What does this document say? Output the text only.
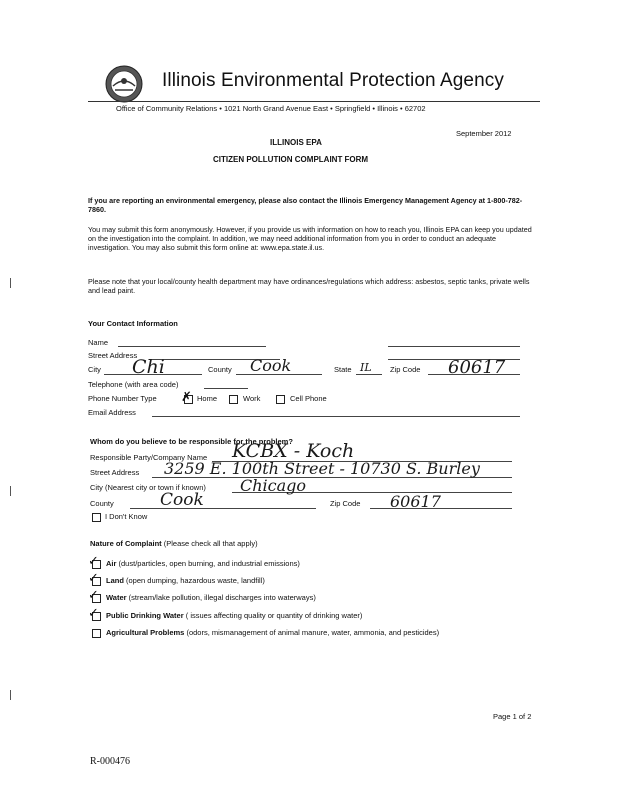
Illinois Environmental Protection Agency
Office of Community Relations • 1021 North Grand Avenue East • Springfield • Illinois • 62702
September 2012
ILLINOIS EPA
CITIZEN POLLUTION COMPLAINT FORM
If you are reporting an environmental emergency, please also contact the Illinois Emergency Management Agency at 1-800-782-7860.
You may submit this form anonymously. However, if you provide us with information on how to reach you, Illinois EPA can keep you updated on the investigation into the complaint. In addition, we may need additional information from you in order to conduct an adequate investigation. You may also submit this form online at: www.epa.state.il.us.
Please note that your local/county health department may have ordinances/regulations which address: asbestos, septic tanks, private wells and lead paint.
Your Contact Information
Name
Street Address
City Chi	County Cook	State IL Zip Code 60617
Telephone (with area code)
Phone Number Type ✗ Home	Work	Cell Phone
Email Address
Whom do you believe to be responsible for the problem?
Responsible Party/Company Name KCBX - Koch
Street Address 3259 E. 100th Street - 10730 S. Burley
City (Nearest city or town if known) Chicago
County	Cook	Zip Code 60617
I Don't Know
Nature of Complaint (Please check all that apply)
✓ Air (dust/particles, open burning, and industrial emissions)
✓ Land (open dumping, hazardous waste, landfill)
✓ Water (stream/lake pollution, illegal discharges into waterways)
✓ Public Drinking Water ( issues affecting quality or quantity of drinking water)
Agricultural Problems (odors, mismanagement of animal manure, water, ammonia, and pesticides)
Page 1 of 2
R-000476
